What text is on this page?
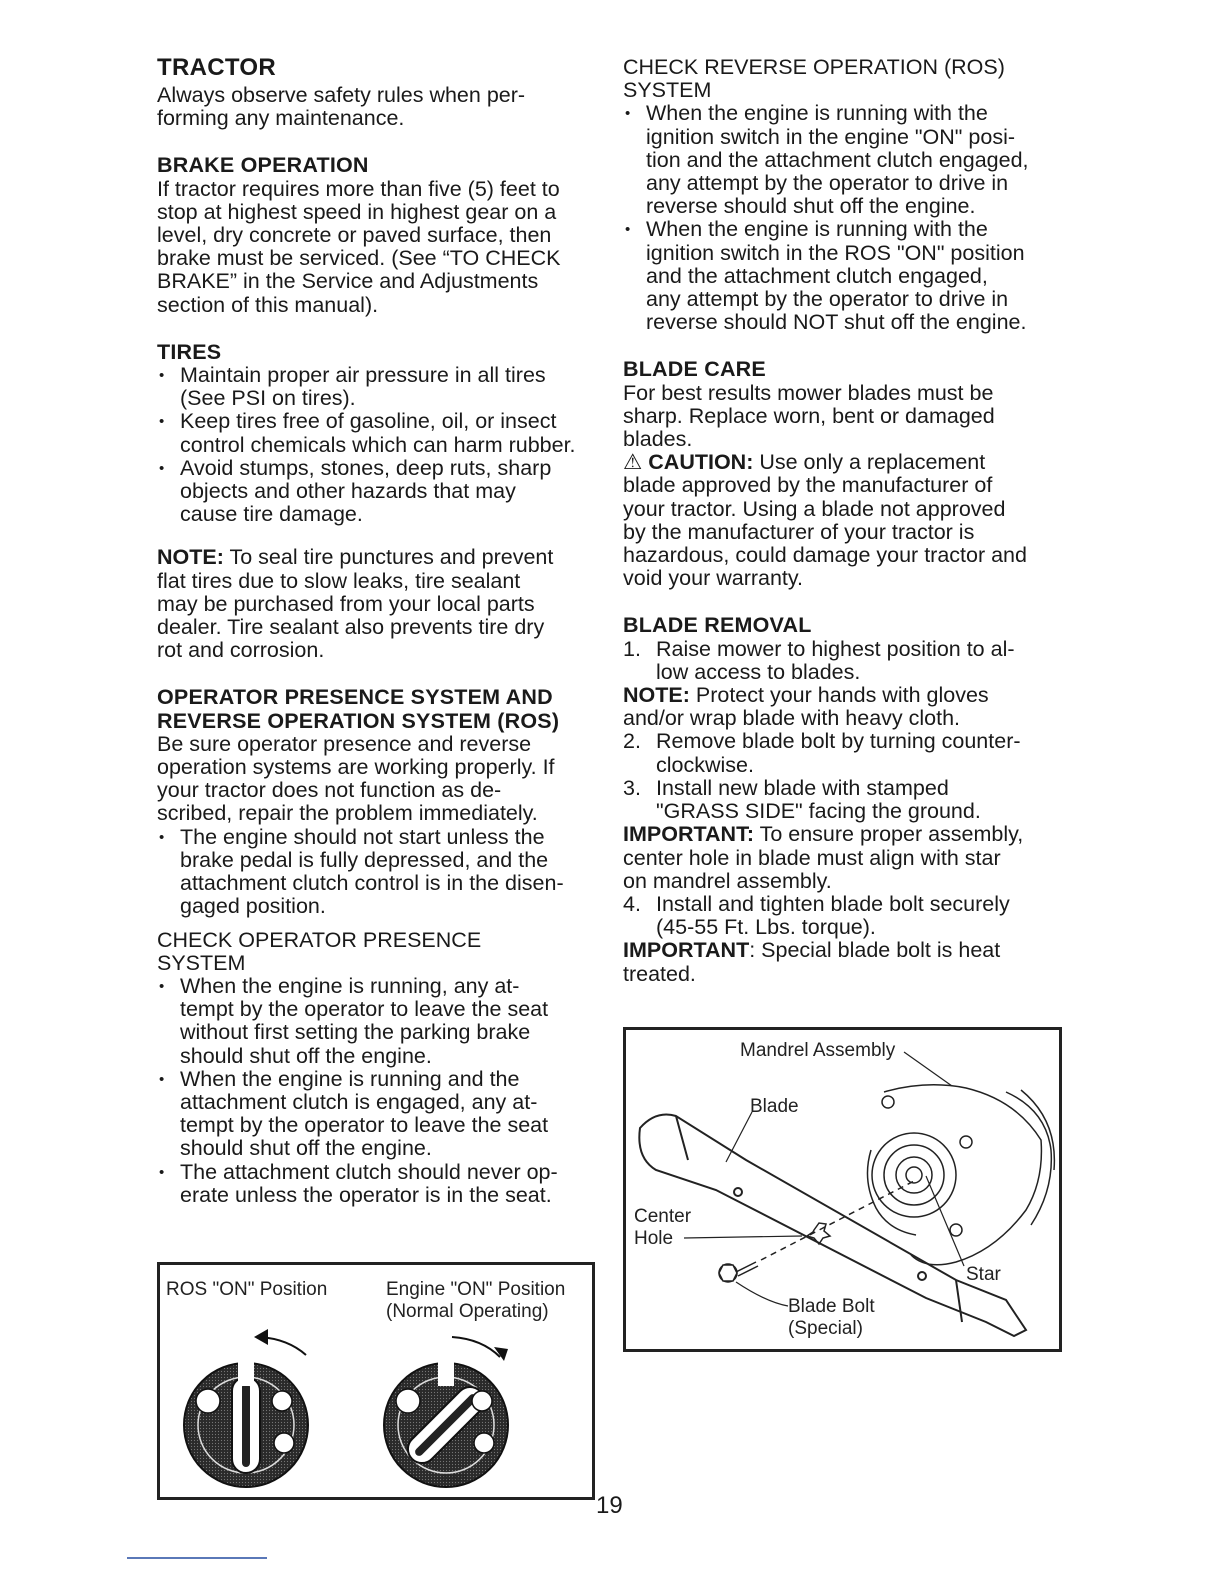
TRACTOR

Always observe safety rules when per-
forming any maintenance.

BRAKE OPERATION

If tractor requires more than five (5) feet to
stop at highest speed in highest gear on a
level, dry concrete or paved surface, then
brake must be serviced. (See “TO CHECK
BRAKE” in the Service and Adjustments
section of this manual).

TIRES
• Maintain proper air pressure in all tires
(See PSI on tires).
• Keep tires free of gasoline, oil, or insect
control chemicals which can harm rubber.
• Avoid stumps, stones, deep ruts, sharp
objects and other hazards that may
cause tire damage.

NOTE: To seal tire punctures and prevent
flat tires due to slow leaks, tire sealant
may be purchased from your local parts
dealer. Tire sealant also prevents tire dry
rot and corrosion.

OPERATOR PRESENCE SYSTEM AND
REVERSE OPERATION SYSTEM (ROS)

Be sure operator presence and reverse
operation systems are working properly. If
your tractor does not function as de-
scribed, repair the problem immediately.

• The engine should not start unless the
brake pedal is fully depressed, and the
attachment clutch control is in the disen-
gaged position.
CHECK OPERATOR PRESENCE
SYSTEM
• When the engine is running, any at-
tempt by the operator to leave the seat
without first setting the parking brake
should shut off the engine.
• When the engine is running and the
attachment clutch is engaged, any at-
tempt by the operator to leave the seat
should shut off the engine.
• The attachment clutch should never op-
erate unless the operator is in the seat.
CHECK REVERSE OPERATION (ROS)
SYSTEM
• When the engine is running with the
ignition switch in the engine "ON" posi-
tion and the attachment clutch engaged,
any attempt by the operator to drive in
reverse should shut off the engine.
• When the engine is running with the
ignition switch in the ROS "ON" position
and the attachment clutch engaged,
any attempt by the operator to drive in
reverse should NOT shut off the engine.
BLADE CARE

For best results mower blades must be
sharp. Replace worn, bent or damaged
blades.

⚠ CAUTION: Use only a replacement
blade approved by the manufacturer of
your tractor. Using a blade not approved
by the manufacturer of your tractor is
hazardous, could damage your tractor and
void your warranty.

BLADE REMOVAL
1. Raise mower to highest position to al-
low access to blades.

NOTE: Protect your hands with gloves
and/or wrap blade with heavy cloth.

2. Remove blade bolt by turning counter-
clockwise.
3. Install new blade with stamped
"GRASS SIDE" facing the ground.

IMPORTANT: To ensure proper assembly,
center hole in blade must align with star
on mandrel assembly.

4. Install and tighten blade bolt securely
(45-55 Ft. Lbs. torque).

IMPORTANT: Special blade bolt is heat
treated.

ROS "ON" Position	Engine "ON" Position
(Normal Operating)
02828
Mandrel Assembly
Blade
Center
Hole
Star
Blade Bolt
(Special)
19
